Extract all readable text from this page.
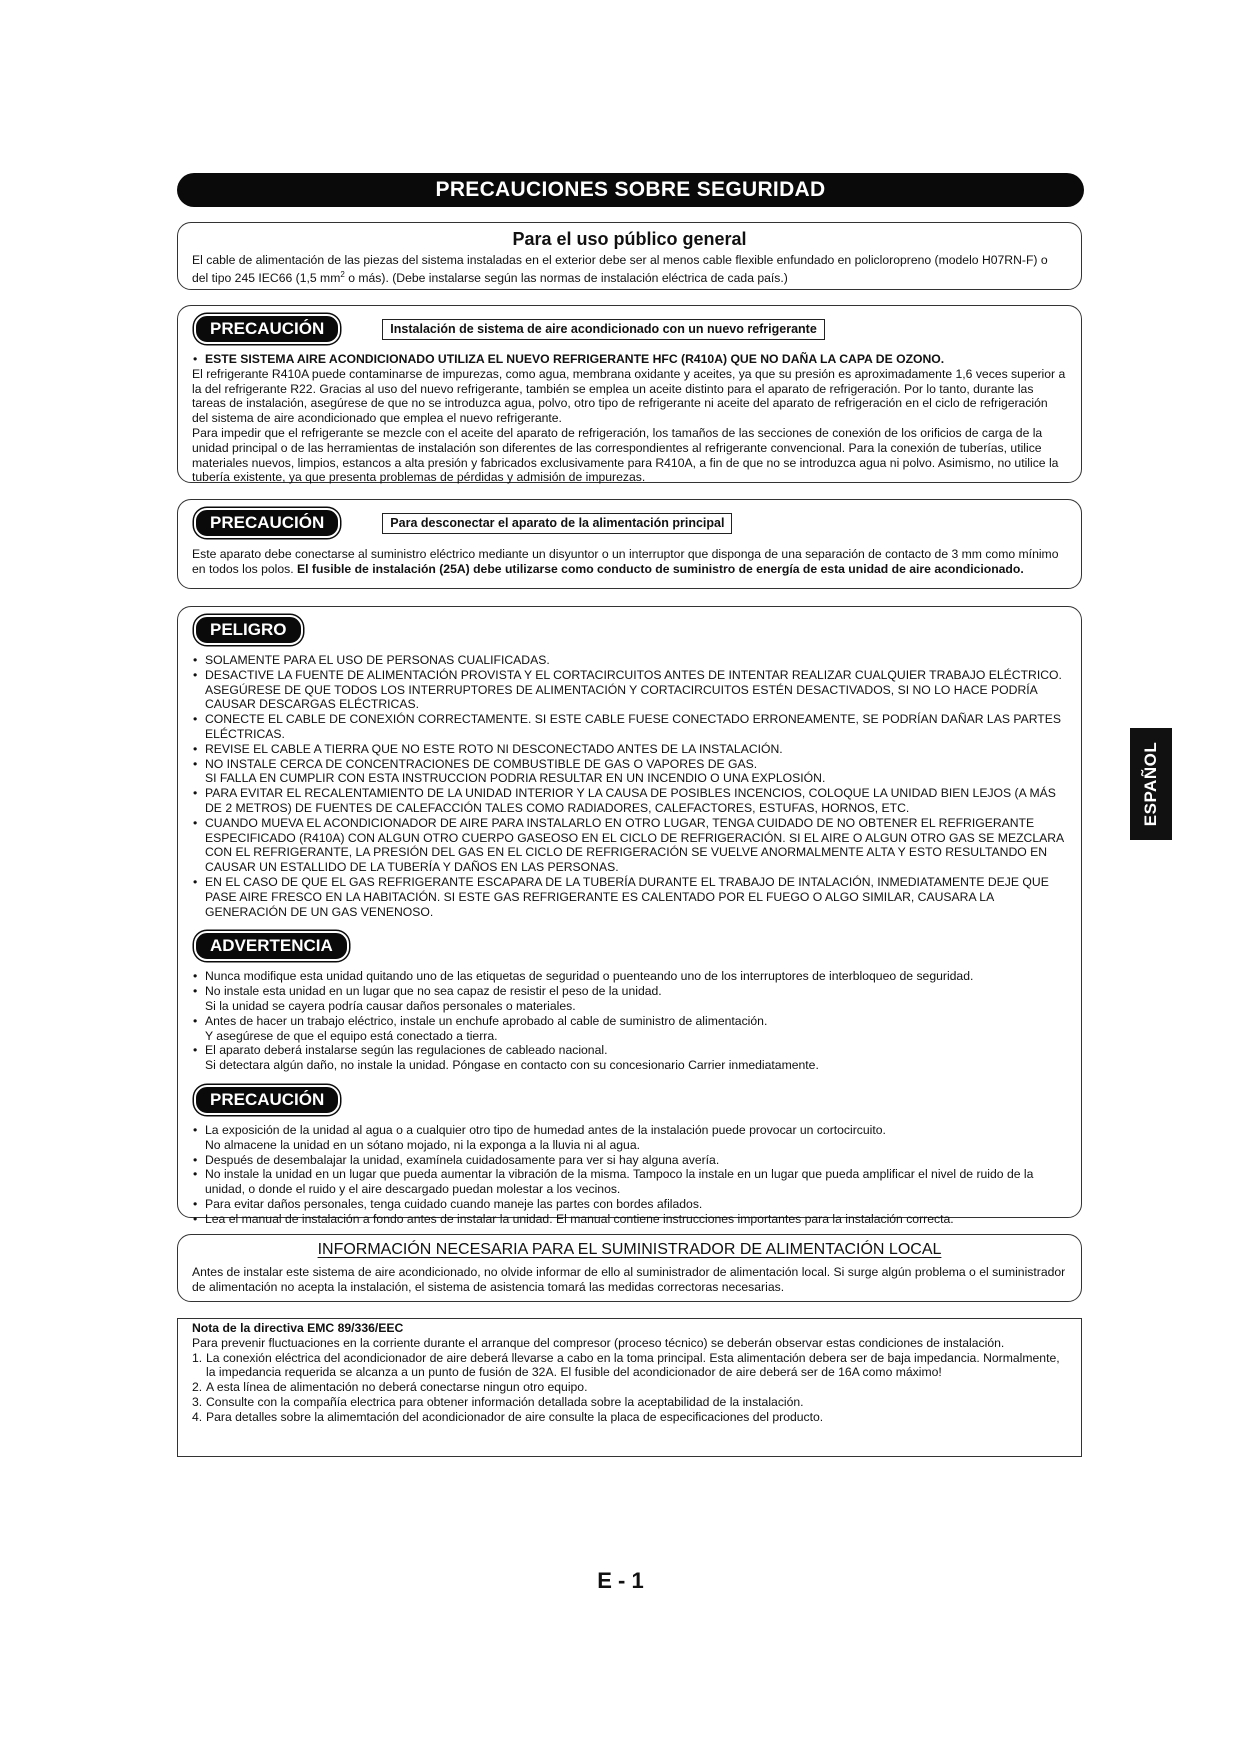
PRECAUCIONES SOBRE SEGURIDAD
Para el uso público general

El cable de alimentación de las piezas del sistema instaladas en el exterior debe ser al menos cable flexible enfundado en policloropreno (modelo H07RN-F) o del tipo 245 IEC66 (1,5 $mm^2$ o más). (Debe instalarse según las normas de instalación eléctrica de cada país.)

PRECAUCIÓN	Instalación de sistema de aire acondicionado con un nuevo refrigerante
• ESTE SISTEMA AIRE ACONDICIONADO UTILIZA EL NUEVO REFRIGERANTE HFC (R410A) QUE NO DAÑA LA CAPA DE OZONO.

El refrigerante R410A puede contaminarse de impurezas, como agua, membrana oxidante y aceites, ya que su presión es aproximadamente 1,6 veces superior a la del refrigerante R22. Gracias al uso del nuevo refrigerante, también se emplea un aceite distinto para el aparato de refrigeración. Por lo tanto, durante las tareas de instalación, asegúrese de que no se introduzca agua, polvo, otro tipo de refrigerante ni aceite del aparato de refrigeración en el ciclo de refrigeración del sistema de aire acondicionado que emplea el nuevo refrigerante.

Para impedir que el refrigerante se mezcle con el aceite del aparato de refrigeración, los tamaños de las secciones de conexión de los orificios de carga de la unidad principal o de las herramientas de instalación son diferentes de las correspondientes al refrigerante convencional. Para la conexión de tuberías, utilice materiales nuevos, limpios, estancos a alta presión y fabricados exclusivamente para R410A, a fin de que no se introduzca agua ni polvo. Asimismo, no utilice la tubería existente, ya que presenta problemas de pérdidas y admisión de impurezas.

PRECAUCIÓN	Para desconectar el aparato de la alimentación principal

Este aparato debe conectarse al suministro eléctrico mediante un disyuntor o un interruptor que disponga de una separación de contacto de 3 mm como mínimo en todos los polos. El fusible de instalación (25A) debe utilizarse como conducto de suministro de energía de esta unidad de aire acondicionado.

PELIGRO
• SOLAMENTE PARA EL USO DE PERSONAS CUALIFICADAS.
• DESACTIVE LA FUENTE DE ALIMENTACIÓN PROVISTA Y EL CORTACIRCUITOS ANTES DE INTENTAR REALIZAR CUALQUIER TRABAJO ELÉCTRICO. ASEGÚRESE DE QUE TODOS LOS INTERRUPTORES DE ALIMENTACIÓN Y CORTACIRCUITOS ESTÉN DESACTIVADOS, SI NO LO HACE PODRÍA CAUSAR DESCARGAS ELÉCTRICAS.
• CONECTE EL CABLE DE CONEXIÓN CORRECTAMENTE. SI ESTE CABLE FUESE CONECTADO ERRONEAMENTE, SE PODRÍAN DAÑAR LAS PARTES ELÉCTRICAS.
• REVISE EL CABLE A TIERRA QUE NO ESTE ROTO NI DESCONECTADO ANTES DE LA INSTALACIÓN.
• NO INSTALE CERCA DE CONCENTRACIONES DE COMBUSTIBLE DE GAS O VAPORES DE GAS.
SI FALLA EN CUMPLIR CON ESTA INSTRUCCION PODRIA RESULTAR EN UN INCENDIO O UNA EXPLOSIÓN.
• PARA EVITAR EL RECALENTAMIENTO DE LA UNIDAD INTERIOR Y LA CAUSA DE POSIBLES INCENCIOS, COLOQUE LA UNIDAD BIEN LEJOS (A MÁS DE 2 METROS) DE FUENTES DE CALEFACCIÓN TALES COMO RADIADORES, CALEFACTORES, ESTUFAS, HORNOS, ETC.
• CUANDO MUEVA EL ACONDICIONADOR DE AIRE PARA INSTALARLO EN OTRO LUGAR, TENGA CUIDADO DE NO OBTENER EL REFRIGERANTE ESPECIFICADO (R410A) CON ALGUN OTRO CUERPO GASEOSO EN EL CICLO DE REFRIGERACIÓN. SI EL AIRE O ALGUN OTRO GAS SE MEZCLARA CON EL REFRIGERANTE, LA PRESIÓN DEL GAS EN EL CICLO DE REFRIGERACIÓN SE VUELVE ANORMALMENTE ALTA Y ESTO RESULTANDO EN CAUSAR UN ESTALLIDO DE LA TUBERÍA Y DAÑOS EN LAS PERSONAS.
• EN EL CASO DE QUE EL GAS REFRIGERANTE ESCAPARA DE LA TUBERÍA DURANTE EL TRABAJO DE INTALACIÓN, INMEDIATAMENTE DEJE QUE PASE AIRE FRESCO EN LA HABITACIÓN. SI ESTE GAS REFRIGERANTE ES CALENTADO POR EL FUEGO O ALGO SIMILAR, CAUSARA LA GENERACIÓN DE UN GAS VENENOSO.
ADVERTENCIA
• Nunca modifique esta unidad quitando uno de las etiquetas de seguridad o puenteando uno de los interruptores de interbloqueo de seguridad.
• No instale esta unidad en un lugar que no sea capaz de resistir el peso de la unidad.
Si la unidad se cayera podría causar daños personales o materiales.
• Antes de hacer un trabajo eléctrico, instale un enchufe aprobado al cable de suministro de alimentación.
Y asegúrese de que el equipo está conectado a tierra.
• El aparato deberá instalarse según las regulaciones de cableado nacional.
Si detectara algún daño, no instale la unidad. Póngase en contacto con su concesionario Carrier inmediatamente.
PRECAUCIÓN
• La exposición de la unidad al agua o a cualquier otro tipo de humedad antes de la instalación puede provocar un cortocircuito.
No almacene la unidad en un sótano mojado, ni la exponga a la lluvia ni al agua.
• Después de desembalajar la unidad, examínela cuidadosamente para ver si hay alguna avería.
• No instale la unidad en un lugar que pueda aumentar la vibración de la misma. Tampoco la instale en un lugar que pueda amplificar el nivel de ruido de la unidad, o donde el ruido y el aire descargado puedan molestar a los vecinos.
• Para evitar daños personales, tenga cuidado cuando maneje las partes con bordes afilados.
• Lea el manual de instalación a fondo antes de instalar la unidad. El manual contiene instrucciones importantes para la instalación correcta.
INFORMACIÓN NECESARIA PARA EL SUMINISTRADOR DE ALIMENTACIÓN LOCAL

Antes de instalar este sistema de aire acondicionado, no olvide informar de ello al suministrador de alimentación local. Si surge algún problema o el suministrador de alimentación no acepta la instalación, el sistema de asistencia tomará las medidas correctoras necesarias.

Nota de la directiva EMC 89/336/EEC

Para prevenir fluctuaciones en la corriente durante el arranque del compresor (proceso técnico) se deberán observar estas condiciones de instalación.

1. La conexión eléctrica del acondicionador de aire deberá llevarse a cabo en la toma principal. Esta alimentación debera ser de baja impedancia. Normalmente, la impedancia requerida se alcanza a un punto de fusión de 32A. El fusible del acondicionador de aire deberá ser de 16A como máximo!
2. A esta línea de alimentación no deberá conectarse ningun otro equipo.
3. Consulte con la compañía electrica para obtener información detallada sobre la aceptabilidad de la instalación.
4. Para detalles sobre la alimemtación del acondicionador de aire consulte la placa de especificaciones del producto.
ESPAÑOL
E - 1
